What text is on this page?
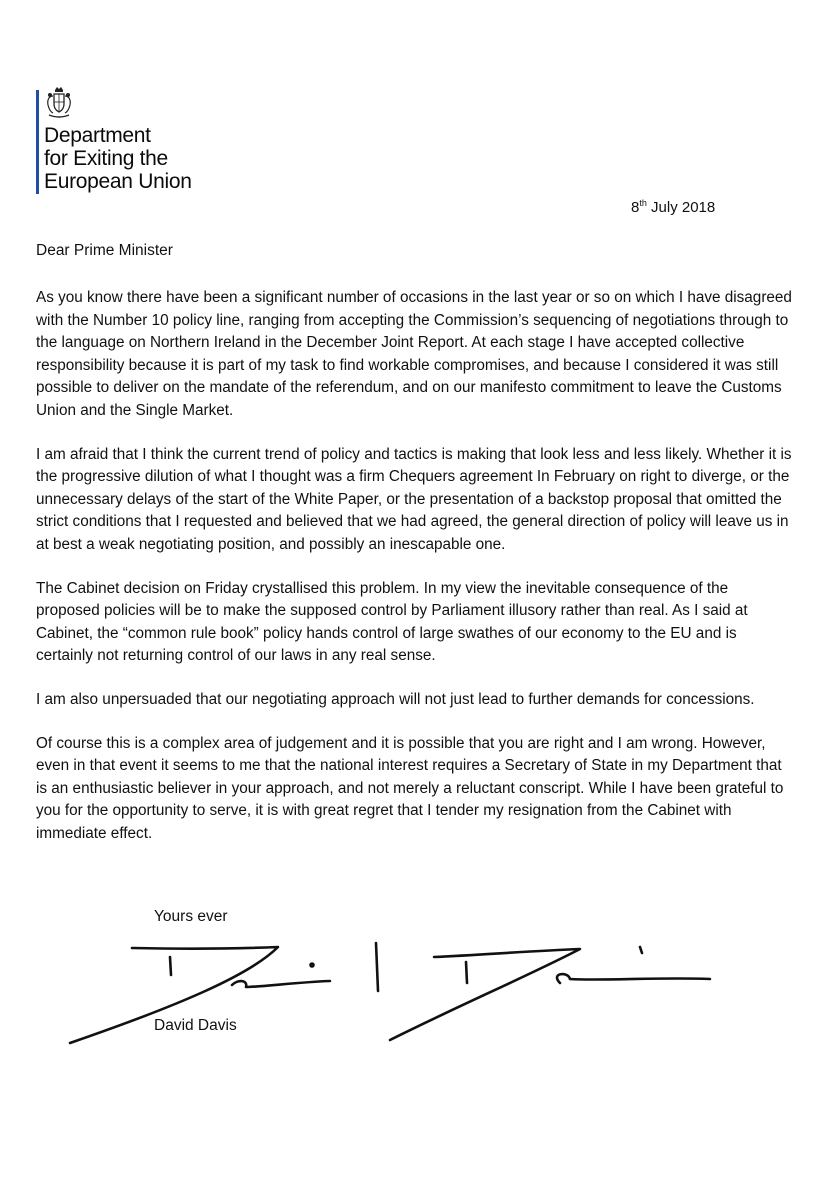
Department
for Exiting the
European Union
8th July 2018
Dear Prime Minister

As you know there have been a significant number of occasions in the last year or so on which I have disagreed with the Number 10 policy line, ranging from accepting the Commission’s sequencing of negotiations through to the language on Northern Ireland in the December Joint Report. At each stage I have accepted collective responsibility because it is part of my task to find workable compromises, and because I considered it was still possible to deliver on the mandate of the referendum, and on our manifesto commitment to leave the Customs Union and the Single Market.

I am afraid that I think the current trend of policy and tactics is making that look less and less likely. Whether it is the progressive dilution of what I thought was a firm Chequers agreement In February on right to diverge, or the unnecessary delays of the start of the White Paper, or the presentation of a backstop proposal that omitted the strict conditions that I requested and believed that we had agreed, the general direction of policy will leave us in at best a weak negotiating position, and possibly an inescapable one.

The Cabinet decision on Friday crystallised this problem. In my view the inevitable consequence of the proposed policies will be to make the supposed control by Parliament illusory rather than real. As I said at Cabinet, the “common rule book” policy hands control of large swathes of our economy to the EU and is certainly not returning control of our laws in any real sense.

I am also unpersuaded that our negotiating approach will not just lead to further demands for concessions.

Of course this is a complex area of judgement and it is possible that you are right and I am wrong. However, even in that event it seems to me that the national interest requires a Secretary of State in my Department that is an enthusiastic believer in your approach, and not merely a reluctant conscript. While I have been grateful to you for the opportunity to serve, it is with great regret that I tender my resignation from the Cabinet with immediate effect.

Yours ever
David Davis
